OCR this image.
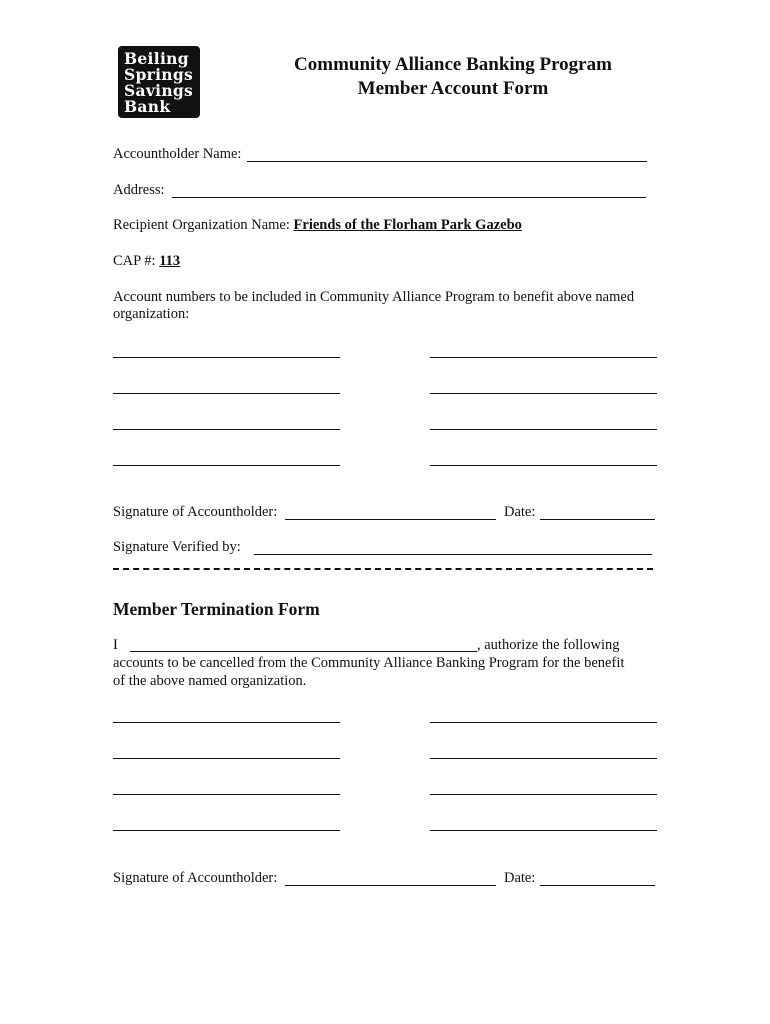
Beiling
Springs
Savings
Bank
Community Alliance Banking Program
Member Account Form
Accountholder Name:
Address:
Recipient Organization Name: Friends of the Florham Park Gazebo
CAP #: 113
Account numbers to be included in Community Alliance Program to benefit above named
organization:
Signature of Accountholder:	Date:
Signature Verified by:
Member Termination Form
I	, authorize the following
accounts to be cancelled from the Community Alliance Banking Program for the benefit
of the above named organization.
Signature of Accountholder:	Date:
